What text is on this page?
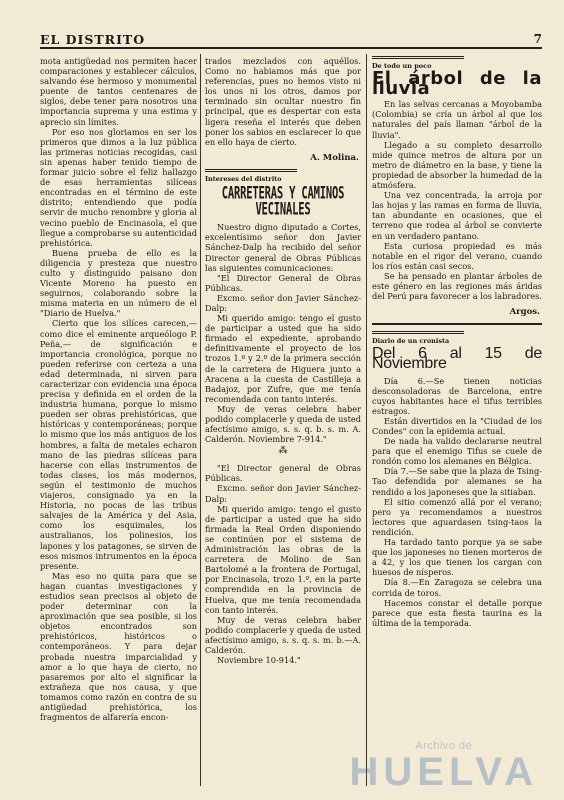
EL DISTRITO	7

mota antigüedad nos permiten hacer comparaciones y establecer cálculos, salvando ése hermoso y monumental puente de tantos centenares de siglos, debe tener para nosotros una importancia suprema y una estima y aprecio sin límites.

Por eso nos gloriamos en ser los primeros que dimos a la luz pública las primeras noticias recogidas, casi sin apenas haber tenido tiempo de formar juicio sobre el feliz hallazgo de esas herramientas silíceas encontradas en el término de este distrito; entendiendo que podía servir de mucho renombre y gloria al vecino pueblo de Encinasola, el que llegue a comprobarse su autenticidad prehistórica.

Buena prueba de ello es la diligencia y presteza que nuestro culto y distinguido paisano don Vicente Moreno ha puesto en seguirnos, colaborando sobre la misma materia en un número de el "Diario de Huelva."

Cierto que los silíces carecen,—como dice el eminente arqueólogo P. Peña,— de significación e importancia cronológica, porque no pueden referirse con certeza a una edad determinada, ni sirven para caracterizar con evidencia una época precisa y definida en el orden de la industria humana, porque lo mismo pueden ser obras prehistóricas, que históricas y contemporáneas; porque lo mismo que los más antiguos de los hombres, a falta de metales echaron mano de las piedras silíceas para hacerse con ellas instrumentos de todas clases, los más modernos, según el testimonio de muchos viajeros, consignado ya en la Historia, no pocas de las tribus salvajes de la América y del Asia, como los esquimales, los australianos, los polinesios, los lapones y los patagones, se sirven de esos mismos intrumentos en la época presente.

Mas eso no quita para que se hagan cuantas investigaciones y estudios sean precisos al objeto de poder determinar con la aproximación que sea posible, si los objetos encontrados son prehistóricos, históricos o contemporáneos. Y para dejar probada nuestra imparcialidad y amor a lo que haya de cierto, no pasaremos por alto el significar la extrañeza que nos causa, y que tomamos como razón en contra de su antigüedad prehistórica, los fragmentos de alfarería encon-

trados mezclados con aquéllos. Como no habiamos más que por referencias, pues no hemos visto ni los unos ni los otros, damos por terminado sin ocultar nuestro fin principal, que es despertar con esta ligera reseña el interés que deben poner los sabios en esclarecer lo que en ello haya de cierto.

A. Molina.
Intereses del distrito
CARRETERAS Y CAMINOS VECINALES

Nuestro digno diputado a Cortes, excelentísimo señor don Javier Sánchez-Dalp ha recibido del señor Director general de Obras Públicas las siguientes comunicaciones:

"El Director General de Obras Públicas.

Excmo. señor don Javier Sánchez-Dalp:

Mi querido amigo: tengo el gusto de participar a usted que ha sido firmado el expediente, aprobando definitivamente el proyecto de los trozos 1.º y 2.º de la primera sección de la carretera de Higuera junto a Aracena a la cuesta de Castilleja a Badajoz, por Zufre, que me tenía recomendada con tanto interés.

Muy de veras celebra haber podido complacerle y queda de usted afectísimo amigo, s. s. q. b. s. m. A. Calderón. Noviembre 7-914."

⁂

"El Director general de Obras Públicas.

Excmo. señor don Javier Sánchez-Dalp:

Mi querido amigo: tengo el gusto de participar a usted que ha sido firmada la Real Orden disponiendo se continúen por el sistema de Administración las obras de la carretera de Molino de San Bartolomé a la frontera de Portugal, por Encinasola, trozo 1.º, en la parte comprendida en la provincia de Huelva, que me tenía recomendada con tanto interés.

Muy de veras celebra haber podido complacerle y queda de usted afectísimo amigo, s. s. q. s. m. b.—A. Calderón.

Noviembre 10-914."

De todo un poco
El árbol de la lluvia

En las selvas cercanas a Moyobamba (Colombia) se cría un árbol al que los naturales del país llaman "árbol de la lluvia".

Llegado a su completo desarrollo mide quince metros de altura por un metro de diámetro en la base, y tiene la propiedad de absorber la humedad de la atmósfera.

Una vez concentrada, la arroja por las hojas y las ramas en forma de lluvia, tan abundante en ocasiones, que el terreno que rodea al árbol se convierte en un verdadero pantano.

Esta curiosa propiedad es más notable en el rigor del verano, cuando los ríos están casi secos.

Se ha pensado en plantar árboles de este género en las regiones más áridas del Perú para favorecer a los labradores.

Argos.
Diario de un cronista
Del 6 al 15 de Noviembre

Día 6.—Se tienen noticias desconsoladoras de Barcelona, entre cuyos habitantes hace el tifus terribles estragos.

Están divertidos en la "Ciudad de los Condes" con la epidemia actual.

De nada ha valido declararse neutral para que el enemigo Tifus se cuele de rondón como los alemanes en Bélgica.

Día 7.—Se sabe que la plaza de Tsing-Tao defendida por alemanes se ha rendido a los japoneses que la sitiaban.

El sitio comenzó allá por el verano; pero ya recomendamos a nuestros lectores que aguardasen tsing-taos la rendición.

Ha tardado tanto porque ya se sabe que los japoneses no tienen morteros de a 42, y los que tienen los cargan con huesos de nísperos.

Día 8.—En Zaragoza se celebra una corrida de toros.

Hacemos constar el detalle porque parece que esta fiesta taurina es la última de la temporada.

Archivo de
HUELVA
